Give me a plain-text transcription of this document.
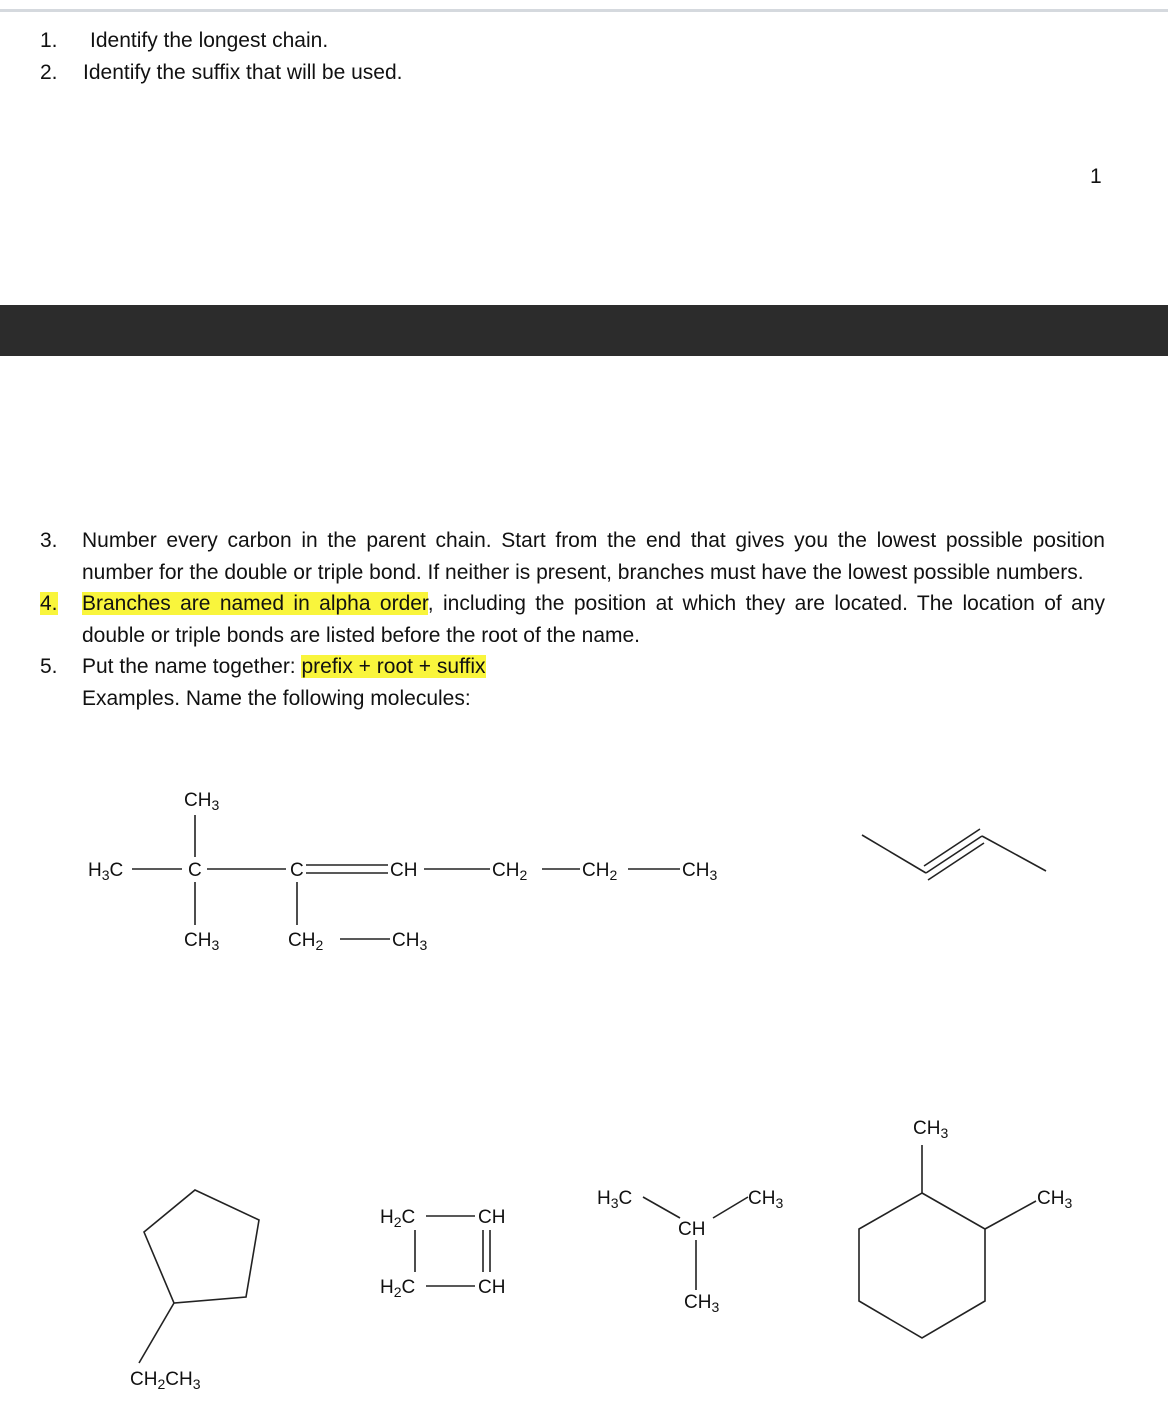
1.	Identify the longest chain.
2.	Identify the suffix that will be used.
1
3.	Number every carbon in the parent chain. Start from the end that gives you the lowest possible position number for the double or triple bond. If neither is present, branches must have the lowest possible numbers.
4.	Branches are named in alpha order, including the position at which they are located. The location of any double or triple bonds are listed before the root of the name.
5.	Put the name together: prefix + root + suffix
Examples. Name the following molecules:
$CH_3$
$H_3C$	C	C	CH	$CH_2$	$CH_2$	$CH_3$
$CH_3$	$CH_2$	$CH_3$
$CH_2CH_3$
$H_2C$	CH
$H_2C$	CH
$H_3C$
CH
$CH_3$
$CH_3$
$CH_3$
$CH_3$
